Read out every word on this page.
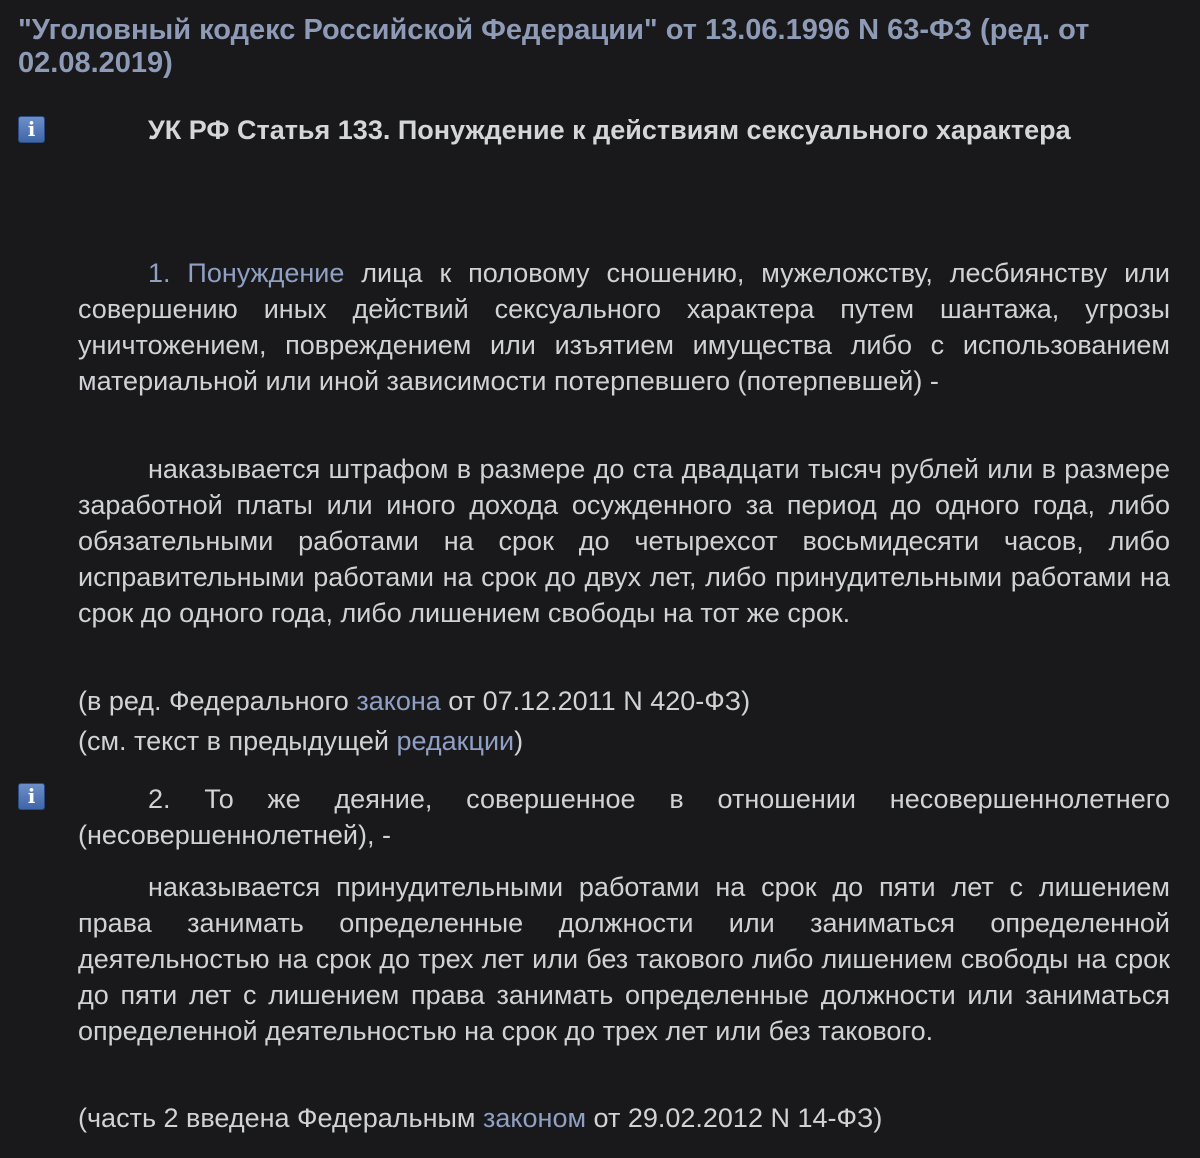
"Уголовный кодекс Российской Федерации" от 13.06.1996 N 63-ФЗ (ред. от 02.08.2019)
i	УК РФ Статья 133. Понуждение к действиям сексуального характера
1. Понуждение лица к половому сношению, мужеложству, лесбиянству или совершению иных действий сексуального характера путем шантажа, угрозы уничтожением, повреждением или изъятием имущества либо с использованием материальной или иной зависимости потерпевшего (потерпевшей) -
наказывается штрафом в размере до ста двадцати тысяч рублей или в размере заработной платы или иного дохода осужденного за период до одного года, либо обязательными работами на срок до четырехсот восьмидесяти часов, либо исправительными работами на срок до двух лет, либо принудительными работами на срок до одного года, либо лишением свободы на тот же срок.
(в ред. Федерального закона от 07.12.2011 N 420-ФЗ)
(см. текст в предыдущей редакции)
i	2. То же деяние, совершенное в отношении несовершеннолетнего (несовершеннолетней), -
наказывается принудительными работами на срок до пяти лет с лишением права занимать определенные должности или заниматься определенной деятельностью на срок до трех лет или без такового либо лишением свободы на срок до пяти лет с лишением права занимать определенные должности или заниматься определенной деятельностью на срок до трех лет или без такового.
(часть 2 введена Федеральным законом от 29.02.2012 N 14-ФЗ)
